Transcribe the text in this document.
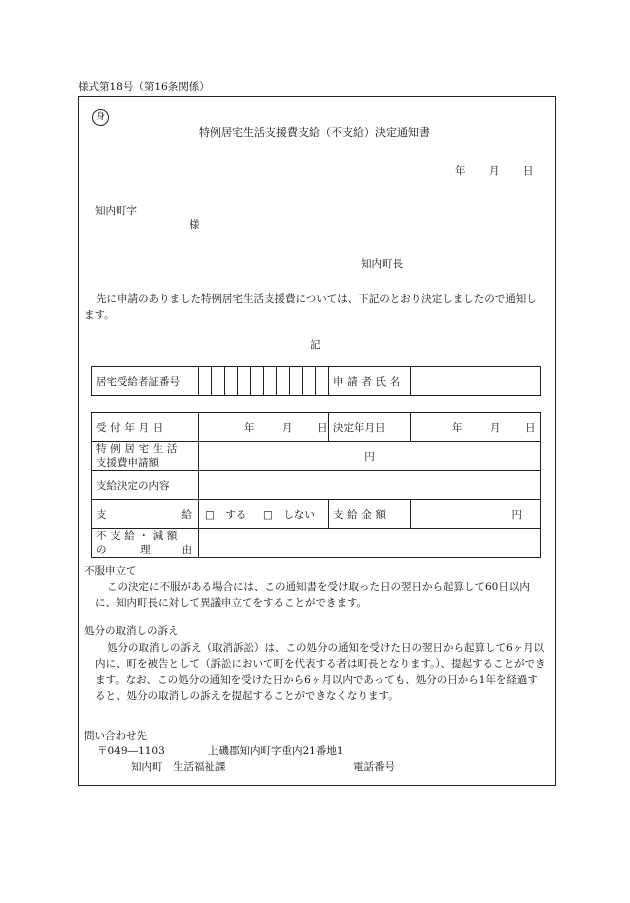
様式第18号（第16条関係）
身
特例居宅生活支援費支給（不支給）決定通知書
年 月 日
知内町字
様
知内町長
先に申請のありました特例居宅生活支援費については、下記のとおり決定しましたので通知します。
記
居宅受給者証番号											申請者氏名	
受付年月日	年 月 日	決定年月日	年 月 日

特例居宅生活
支援費申請額	円		
支給決定の内容			
支 給	□　する □　しない	支給金額	円

不支給・減額
の 理 由			

不服申立て
この決定に不服がある場合には、この通知書を受け取った日の翌日から起算して60日以内に、知内町長に対して異議申立てをすることができます。
処分の取消しの訴え
処分の取消しの訴え（取消訴訟）は、この処分の通知を受けた日の翌日から起算して6ヶ月以内に、町を被告として（訴訟において町を代表する者は町長となります。）、提起することができます。なお、この処分の通知を受けた日から6ヶ月以内であっても、処分の日から1年を経過すると、処分の取消しの訴えを提起することができなくなります。
問い合わせ先
〒049―1103	上磯郡知内町字重内21番地1
知内町　生活福祉課	電話番号
